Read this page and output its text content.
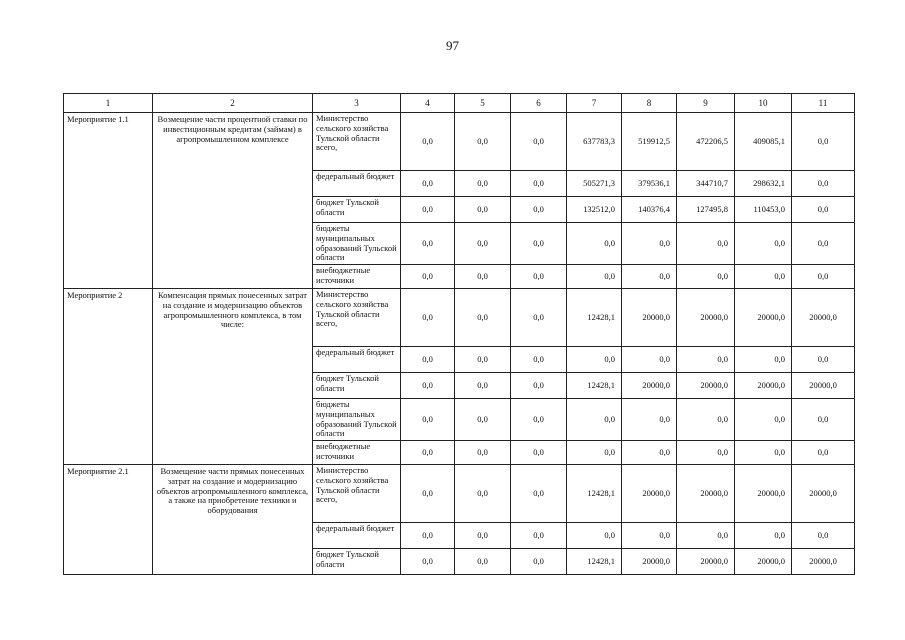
97
1	2	3	4	5	6	7	8	9	10	11
Мероприятие 1.1	Возмещение части процентной ставки по инвестиционным кредитам (займам) в агропромышленном комплексе	Министерство сельского хозяйства Тульской области всего,	0,0	0,0	0,0	637783,3	519912,5	472206,5	409085,1	0,0
		федеральный бюджет	0,0	0,0	0,0	505271,3	379536,1	344710,7	298632,1	0,0
		бюджет Тульской области	0,0	0,0	0,0	132512,0	140376,4	127495,8	110453,0	0,0
		бюджеты муниципальных образований Тульской области	0,0	0,0	0,0	0,0	0,0	0,0	0,0	0,0
		внебюджетные источники	0,0	0,0	0,0	0,0	0,0	0,0	0,0	0,0
Мероприятие 2	Компенсация прямых понесенных затрат на создание и модернизацию объектов агропромышленного комплекса, в том числе:	Министерство сельского хозяйства Тульской области всего,	0,0	0,0	0,0	12428,1	20000,0	20000,0	20000,0	20000,0
		федеральный бюджет	0,0	0,0	0,0	0,0	0,0	0,0	0,0	0,0
		бюджет Тульской области	0,0	0,0	0,0	12428,1	20000,0	20000,0	20000,0	20000,0
		бюджеты муниципальных образований Тульской области	0,0	0,0	0,0	0,0	0,0	0,0	0,0	0,0
		внебюджетные источники	0,0	0,0	0,0	0,0	0,0	0,0	0,0	0,0
Мероприятие 2.1	Возмещение части прямых понесенных затрат на создание и модернизацию объектов агропромышленного комплекса, а также на приобретение техники и оборудования	Министерство сельского хозяйства Тульской области всего,	0,0	0,0	0,0	12428,1	20000,0	20000,0	20000,0	20000,0
		федеральный бюджет	0,0	0,0	0,0	0,0	0,0	0,0	0,0	0,0
		бюджет Тульской области	0,0	0,0	0,0	12428,1	20000,0	20000,0	20000,0	20000,0
